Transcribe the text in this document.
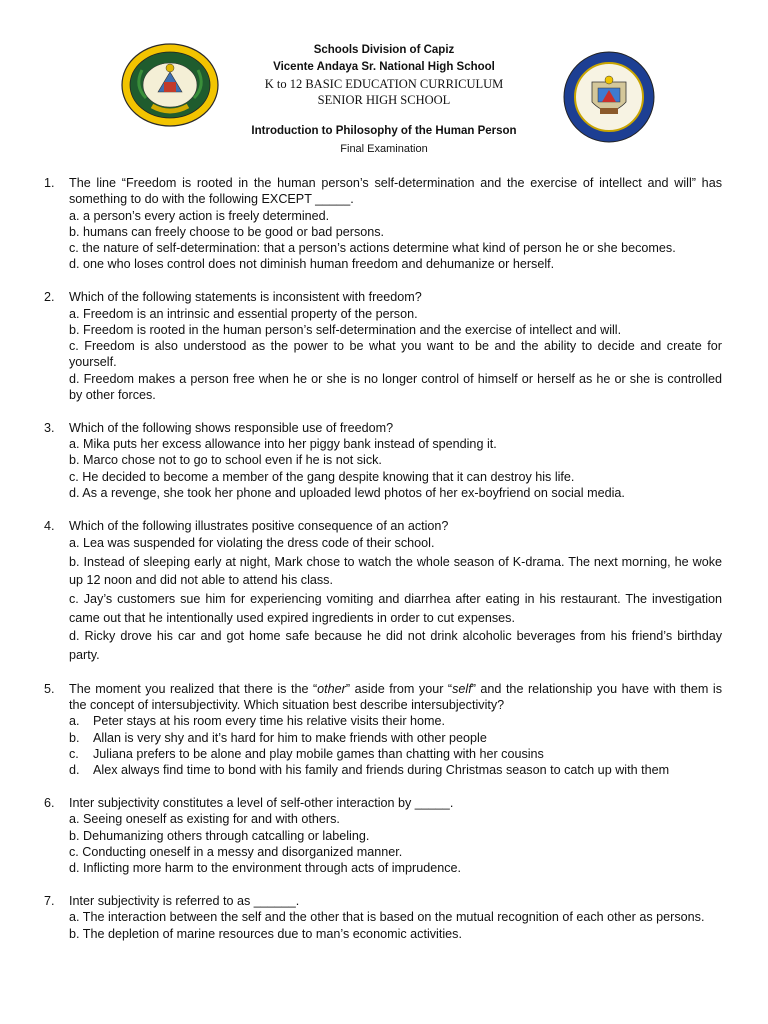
Schools Division of Capiz
Vicente Andaya Sr. National High School
K to 12 BASIC EDUCATION CURRICULUM
SENIOR HIGH SCHOOL
Introduction to Philosophy of the Human Person
Final Examination
1. The line “Freedom is rooted in the human person’s self-determination and the exercise of intellect and will” has something to do with the following EXCEPT _____.

a. a person’s every action is freely determined.

b. humans can freely choose to be good or bad persons.

c. the nature of self-determination: that a person’s actions determine what kind of person he or she becomes.

d. one who loses control does not diminish human freedom and dehumanize or herself.

2. Which of the following statements is inconsistent with freedom?

a. Freedom is an intrinsic and essential property of the person.

b. Freedom is rooted in the human person’s self-determination and the exercise of intellect and will.

c. Freedom is also understood as the power to be what you want to be and the ability to decide and create for yourself.

d. Freedom makes a person free when he or she is no longer control of himself or herself as he or she is controlled by other forces.

3. Which of the following shows responsible use of freedom?

a. Mika puts her excess allowance into her piggy bank instead of spending it.

b. Marco chose not to go to school even if he is not sick.

c. He decided to become a member of the gang despite knowing that it can destroy his life.

d. As a revenge, she took her phone and uploaded lewd photos of her ex-boyfriend on social media.

4. Which of the following illustrates positive consequence of an action?

a. Lea was suspended for violating the dress code of their school.

b. Instead of sleeping early at night, Mark chose to watch the whole season of K-drama. The next morning, he woke up 12 noon and did not able to attend his class.

c. Jay’s customers sue him for experiencing vomiting and diarrhea after eating in his restaurant. The investigation came out that he intentionally used expired ingredients in order to cut expenses.

d. Ricky drove his car and got home safe because he did not drink alcoholic beverages from his friend’s birthday party.

5. The moment you realized that there is the “other” aside from your “self” and the relationship you have with them is the concept of intersubjectivity. Which situation best describe intersubjectivity?

a. Peter stays at his room every time his relative visits their home.

b. Allan is very shy and it’s hard for him to make friends with other people

c. Juliana prefers to be alone and play mobile games than chatting with her cousins

d. Alex always find time to bond with his family and friends during Christmas season to catch up with them

6. Inter subjectivity constitutes a level of self-other interaction by _____.

a. Seeing oneself as existing for and with others.

b. Dehumanizing others through catcalling or labeling.

c. Conducting oneself in a messy and disorganized manner.

d. Inflicting more harm to the environment through acts of imprudence.

7. Inter subjectivity is referred to as ______.

a. The interaction between the self and the other that is based on the mutual recognition of each other as persons.

b. The depletion of marine resources due to man’s economic activities.
